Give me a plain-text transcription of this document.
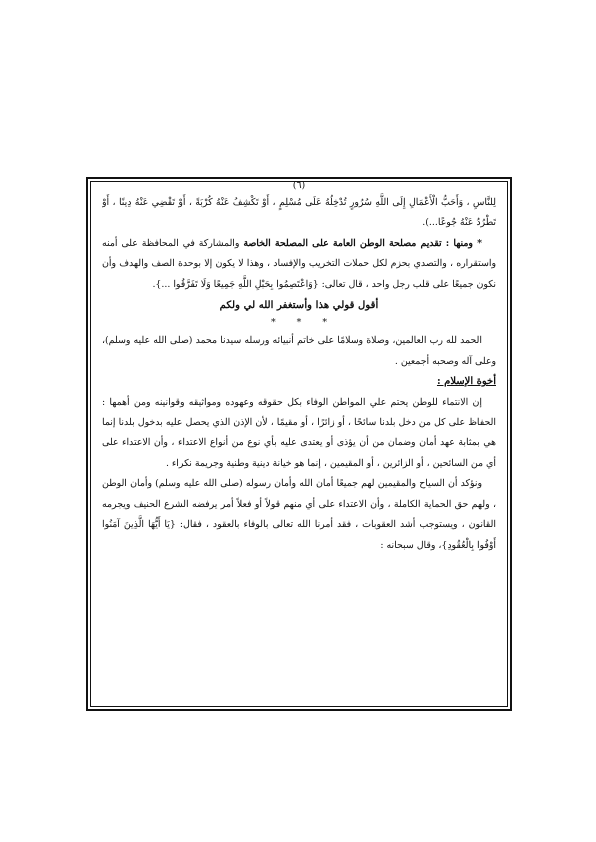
(٦)

لِلنَّاسِ ، وَأَحَبُّ الْأَعْمَالِ إِلَى اللَّهِ سُرُورٍ تُدْخِلُهُ عَلَى مُسْلِمٍ ، أَوْ تَكْشِفُ عَنْهُ كُرْبَةً ، أَوْ تَقْضِي عَنْهُ دِينًا ، أَوْ تَطْرُدُ عَنْهُ جُوعًا...).

* ومنها : تقديم مصلحة الوطن العامة على المصلحة الخاصة والمشاركة في المحافظة على أمنه واستقراره ، والتصدي بحزم لكل حملات التخريب والإفساد ، وهذا لا يكون إلا بوحدة الصف والهدف وأن نكون جميعًا على قلب رجل واحد ، قال تعالى: {وَاعْتَصِمُوا بِحَبْلِ اللَّهِ جَمِيعًا وَلَا تَفَرَّقُوا ...}.

أقول قولي هذا وأستغفر الله لي ولكم

* * *

الحمد لله رب العالمين، وصلاة وسلامًا على خاتم أنبيائه ورسله سيدنا محمد (صلى الله عليه وسلم)، وعلى آله وصحبه أجمعين .

أخوة الإسلام :

إن الانتماء للوطن يحتم علي المواطن الوفاء بكل حقوقه وعهوده ومواثيقه وقوانينه ومن أهمها : الحفاظ على كل من دخل بلدنا سائحًا ، أو زائرًا ، أو مقيمًا ، لأن الإذن الذي يحصل عليه بدخول بلدنا إنما هي بمثابة عهد أمان وضمان من أن يؤذى أو يعتدى عليه بأي نوع من أنواع الاعتداء ، وأن الاعتداء على أي من السائحين ، أو الزائرين ، أو المقيمين ، إنما هو خيانة دينية وطنية وجريمة نكراء .

ونؤكد أن السياح والمقيمين لهم جميعًا أمان الله وأمان رسوله (صلى الله عليه وسلم) وأمان الوطن ، ولهم حق الحماية الكاملة ، وأن الاعتداء على أي منهم قولاً أو فعلاً أمر يرفضه الشرع الحنيف ويجرمه القانون ، ويستوجب أشد العقوبات ، فقد أمرنا الله تعالى بالوفاء بالعقود ، فقال: {يَا أَيُّهَا الَّذِينَ آمَنُوا أَوْفُوا بِالْعُقُودِ}، وقال سبحانه :
